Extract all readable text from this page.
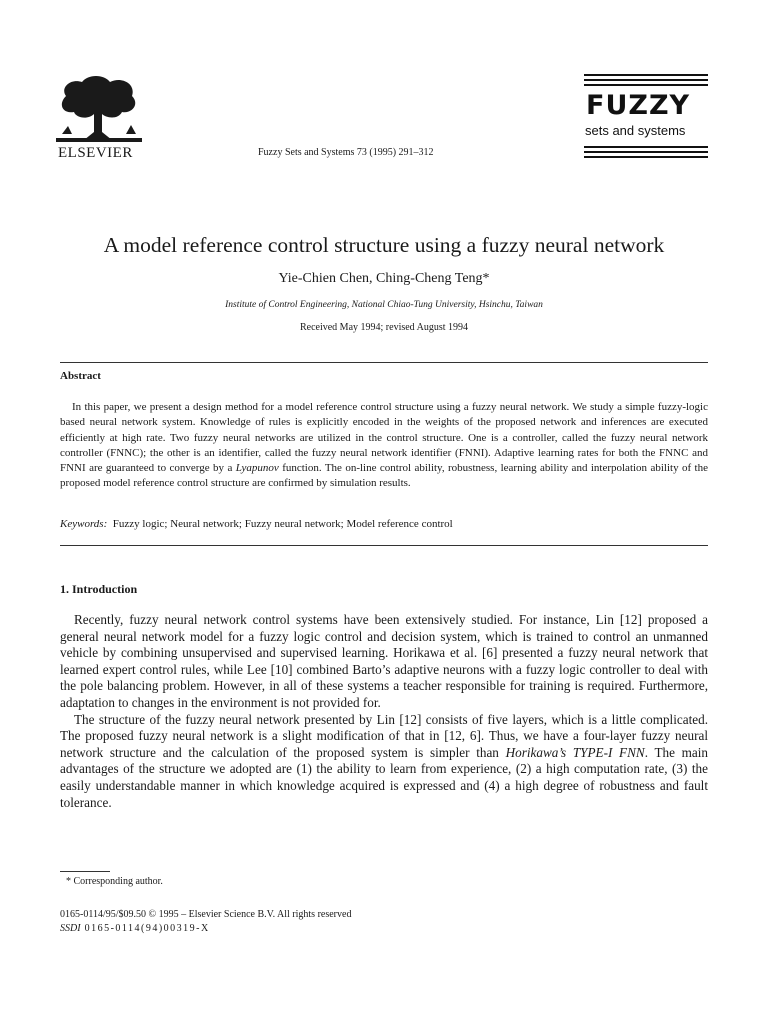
ELSEVIER	Fuzzy Sets and Systems 73 (1995) 291–312
FUZZY
sets and systems
A model reference control structure using a fuzzy neural network
Yie-Chien Chen, Ching-Cheng Teng*
Institute of Control Engineering, National Chiao-Tung University, Hsinchu, Taiwan
Received May 1994; revised August 1994
Abstract
In this paper, we present a design method for a model reference control structure using a fuzzy neural network. We study a simple fuzzy-logic based neural network system. Knowledge of rules is explicitly encoded in the weights of the proposed network and inferences are executed efficiently at high rate. Two fuzzy neural networks are utilized in the control structure. One is a controller, called the fuzzy neural network controller (FNNC); the other is an identifier, called the fuzzy neural network identifier (FNNI). Adaptive learning rates for both the FNNC and FNNI are guaranteed to converge by a Lyapunov function. The on-line control ability, robustness, learning ability and interpolation ability of the proposed model reference control structure are confirmed by simulation results.
Keywords: Fuzzy logic; Neural network; Fuzzy neural network; Model reference control
1. Introduction

Recently, fuzzy neural network control systems have been extensively studied. For instance, Lin [12] proposed a general neural network model for a fuzzy logic control and decision system, which is trained to control an unmanned vehicle by combining unsupervised and supervised learning. Horikawa et al. [6] presented a fuzzy neural network that learned expert control rules, while Lee [10] combined Barto’s adaptive neurons with a fuzzy logic controller to deal with the pole balancing problem. However, in all of these systems a teacher responsible for training is required. Furthermore, adaptation to changes in the environment is not provided for.

The structure of the fuzzy neural network presented by Lin [12] consists of five layers, which is a little complicated. The proposed fuzzy neural network is a slight modification of that in [12, 6]. Thus, we have a four-layer fuzzy neural network structure and the calculation of the proposed system is simpler than Horikawa’s TYPE-I FNN. The main advantages of the structure we adopted are (1) the ability to learn from experience, (2) a high computation rate, (3) the easily understandable manner in which knowledge acquired is expressed and (4) a high degree of robustness and fault tolerance.

* Corresponding author.
0165-0114/95/$09.50 © 1995 – Elsevier Science B.V. All rights reserved
SSDI 0165-0114(94)00319-X
